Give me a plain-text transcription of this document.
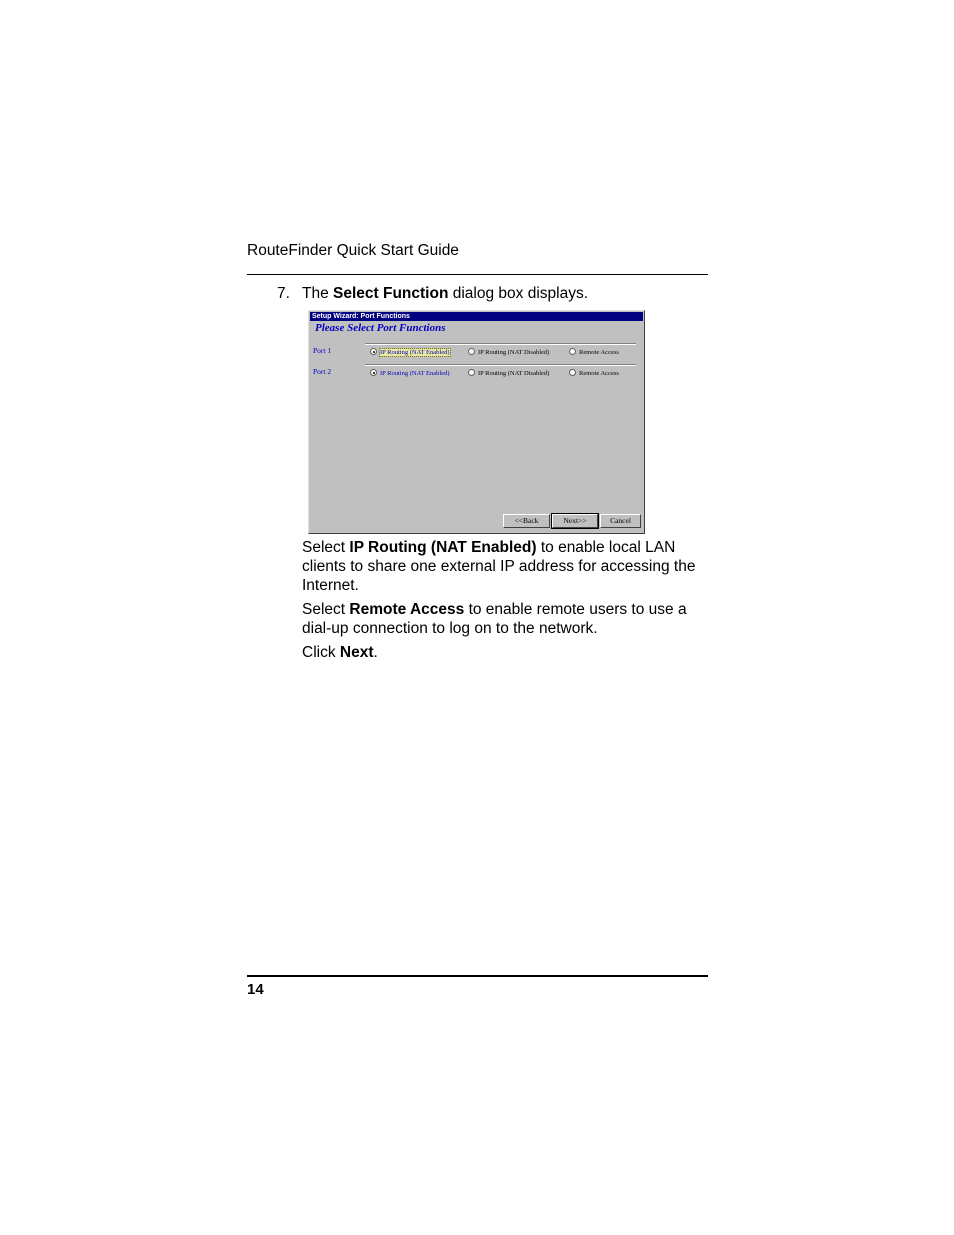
RouteFinder Quick Start Guide
7. The Select Function dialog box displays.
Setup Wizard: Port Functions
Please Select Port Functions
Port 1	IP Routing (NAT Enabled)	IP Routing (NAT Disabled)	Remote Access
Port 2	IP Routing (NAT Enabled)	IP Routing (NAT Disabled)	Remote Access
<<Back	Next>>	Cancel
Select IP Routing (NAT Enabled) to enable local LAN clients to share one external IP address for accessing the Internet.
Select Remote Access to enable remote users to use a dial-up connection to log on to the network.
Click Next.
14
